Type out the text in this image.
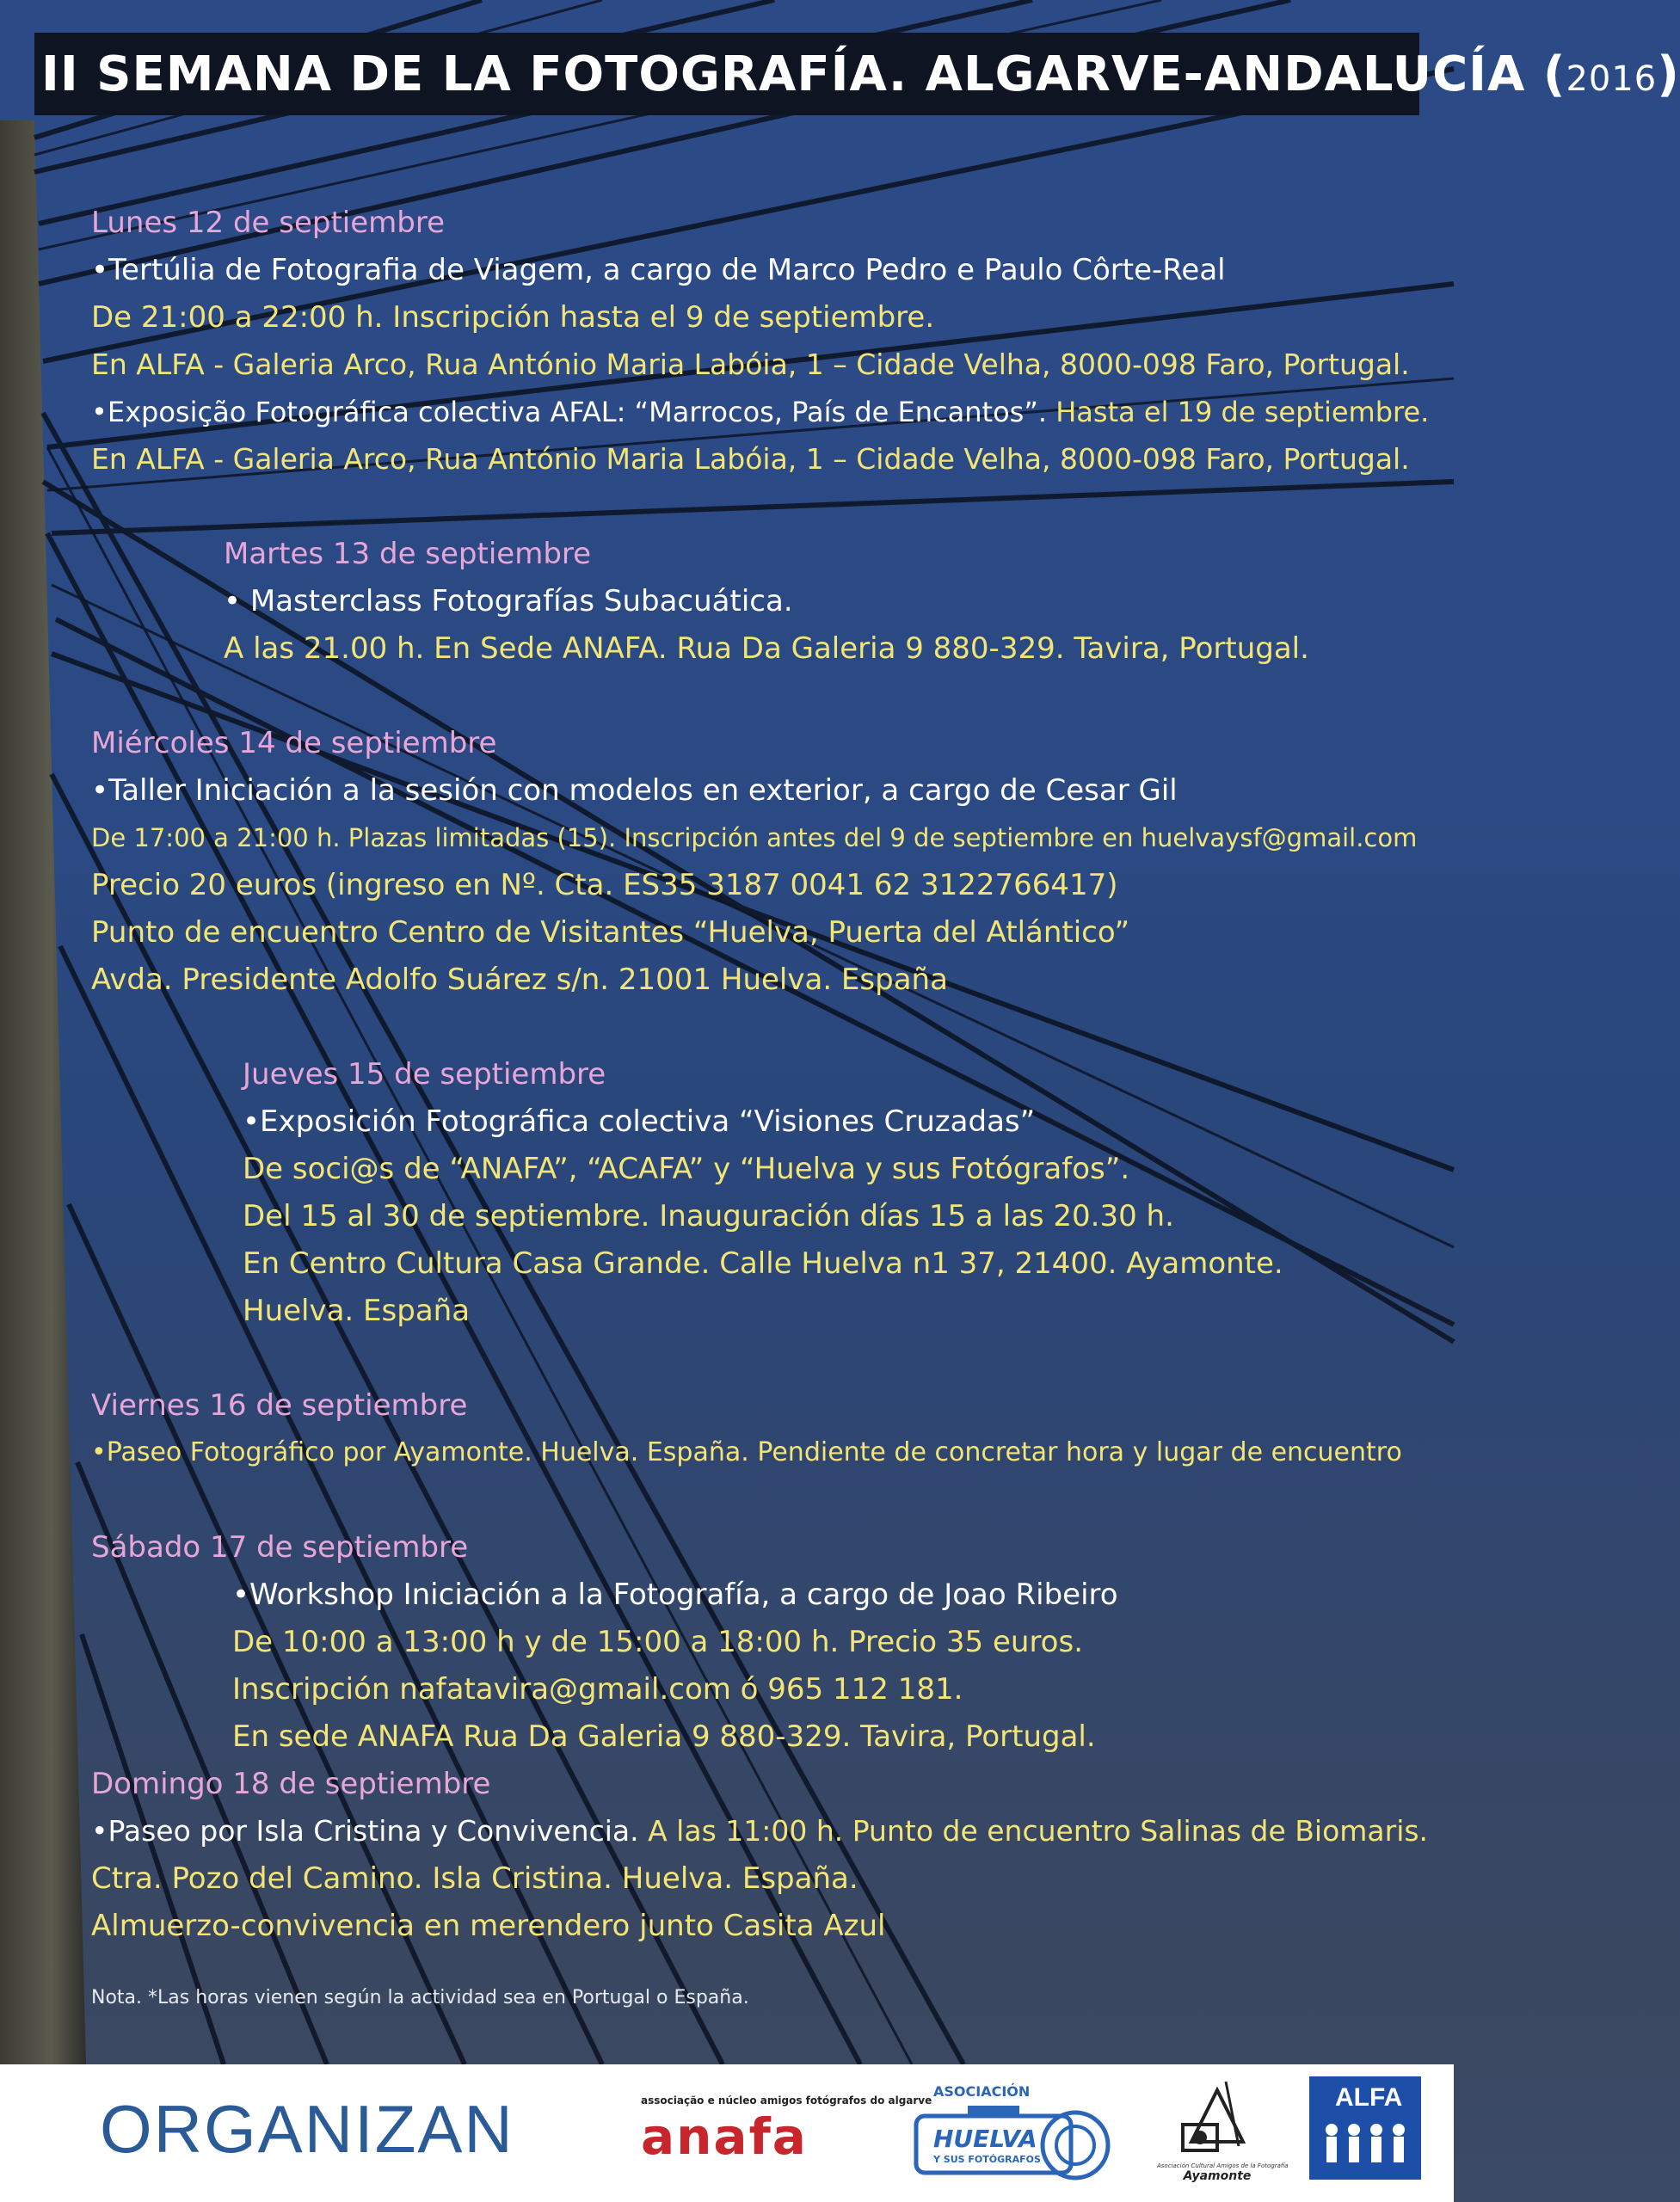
II SEMANA DE LA FOTOGRAFÍA. ALGARVE-ANDALUCÍA (2016)
Lunes 12 de septiembre
•Tertúlia de Fotografia de Viagem, a cargo de Marco Pedro e Paulo Côrte-Real
De 21:00 a 22:00 h. Inscripción hasta el 9 de septiembre.
En ALFA - Galeria Arco, Rua António Maria Labóia, 1 – Cidade Velha, 8000-098 Faro, Portugal.
•Exposição Fotográfica colectiva AFAL: “Marrocos, País de Encantos”. Hasta el 19 de septiembre.
En ALFA - Galeria Arco, Rua António Maria Labóia, 1 – Cidade Velha, 8000-098 Faro, Portugal.
Martes 13 de septiembre
• Masterclass Fotografías Subacuática.
A las 21.00 h. En Sede ANAFA. Rua Da Galeria 9 880-329. Tavira, Portugal.
Miércoles 14 de septiembre
•Taller Iniciación a la sesión con modelos en exterior, a cargo de Cesar Gil
De 17:00 a 21:00 h. Plazas limitadas (15). Inscripción antes del 9 de septiembre en huelvaysf@gmail.com
Precio 20 euros (ingreso en Nº. Cta. ES35 3187 0041 62 3122766417)
Punto de encuentro Centro de Visitantes “Huelva, Puerta del Atlántico”
Avda. Presidente Adolfo Suárez s/n. 21001 Huelva. España
Jueves 15 de septiembre
•Exposición Fotográfica colectiva “Visiones Cruzadas”
De soci@s de “ANAFA”, “ACAFA” y “Huelva y sus Fotógrafos”.
Del 15 al 30 de septiembre. Inauguración días 15 a las 20.30 h.
En Centro Cultura Casa Grande. Calle Huelva n1 37, 21400. Ayamonte.
Huelva. España
Viernes 16 de septiembre
•Paseo Fotográfico por Ayamonte. Huelva. España. Pendiente de concretar hora y lugar de encuentro
Sábado 17 de septiembre
•Workshop Iniciación a la Fotografía, a cargo de Joao Ribeiro
De 10:00 a 13:00 h y de 15:00 a 18:00 h. Precio 35 euros.
Inscripción nafatavira@gmail.com ó 965 112 181.
En sede ANAFA Rua Da Galeria 9 880-329. Tavira, Portugal.
Domingo 18 de septiembre
•Paseo por Isla Cristina y Convivencia. A las 11:00 h. Punto de encuentro Salinas de Biomaris.
Ctra. Pozo del Camino. Isla Cristina. Huelva. España.
Almuerzo-convivencia en merendero junto Casita Azul
Nota. *Las horas vienen según la actividad sea en Portugal o España.
ORGANIZAN	associação e núcleo amigos fotógrafos do algarve
anafa
ASOCIACIÓN
HUELVA
Y SUS FOTÓGRAFOS
Asociación Cultural Amigos de la Fotografía
Ayamonte
ALFA
